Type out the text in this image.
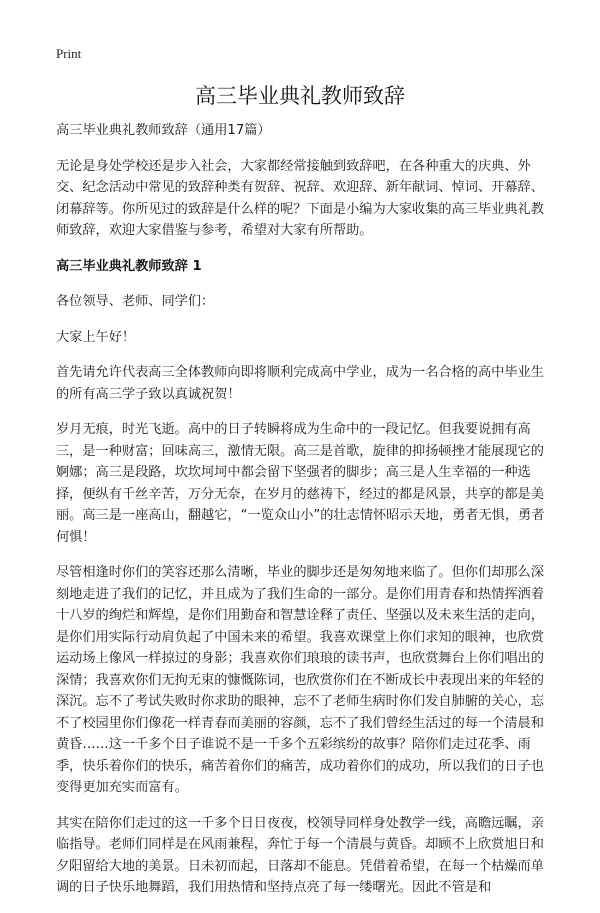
Print
高三毕业典礼教师致辞

高三毕业典礼教师致辞（通用17篇）

无论是身处学校还是步入社会，大家都经常接触到致辞吧，在各种重大的庆典、外交、纪念活动中常见的致辞种类有贺辞、祝辞、欢迎辞、新年献词、悼词、开幕辞、闭幕辞等。你所见过的致辞是什么样的呢？下面是小编为大家收集的高三毕业典礼教师致辞，欢迎大家借鉴与参考，希望对大家有所帮助。

高三毕业典礼教师致辞 1

各位领导、老师、同学们：

大家上午好！

首先请允许代表高三全体教师向即将顺利完成高中学业，成为一名合格的高中毕业生的所有高三学子致以真诚祝贺！

岁月无痕，时光飞逝。高中的日子转瞬将成为生命中的一段记忆。但我要说拥有高三，是一种财富；回味高三，激情无限。高三是首歌，旋律的抑扬顿挫才能展现它的婀娜；高三是段路，坎坎坷坷中都会留下坚强者的脚步；高三是人生幸福的一种选择，便纵有千丝辛苦，万分无奈，在岁月的慈祷下，经过的都是风景，共享的都是美丽。高三是一座高山，翻越它，“一览众山小”的壮志情怀昭示天地，勇者无惧，勇者何惧！

尽管相逢时你们的笑容还那么清晰，毕业的脚步还是匆匆地来临了。但你们却那么深刻地走进了我们的记忆，并且成为了我们生命的一部分。是你们用青春和热情挥洒着十八岁的绚烂和辉煌，是你们用勤奋和智慧诠释了责任、坚强以及未来生活的走向，是你们用实际行动肩负起了中国未来的希望。我喜欢课堂上你们求知的眼神，也欣赏运动场上像风一样掠过的身影；我喜欢你们琅琅的读书声，也欣赏舞台上你们唱出的深情；我喜欢你们无拘无束的慷慨陈词，也欣赏你们在不断成长中表现出来的年轻的深沉。忘不了考试失败时你求助的眼神，忘不了老师生病时你们发自肺腑的关心，忘不了校园里你们像花一样青春而美丽的容颜，忘不了我们曾经生活过的每一个清晨和黄昏……这一千多个日子谁说不是一千多个五彩缤纷的故事？陪你们走过花季、雨季，快乐着你们的快乐，痛苦着你们的痛苦，成功着你们的成功，所以我们的日子也变得更加充实而富有。

其实在陪你们走过的这一千多个日日夜夜，校领导同样身处教学一线，高瞻远瞩，亲临指导。老师们同样是在风雨兼程，奔忙于每一个清晨与黄昏。却顾不上欣赏旭日和夕阳留给大地的美景。日未初而起，日落却不能息。凭借着希望，在每一个枯燥而单调的日子快乐地舞蹈，我们用热情和坚持点亮了每一缕曙光。因此不管是和
